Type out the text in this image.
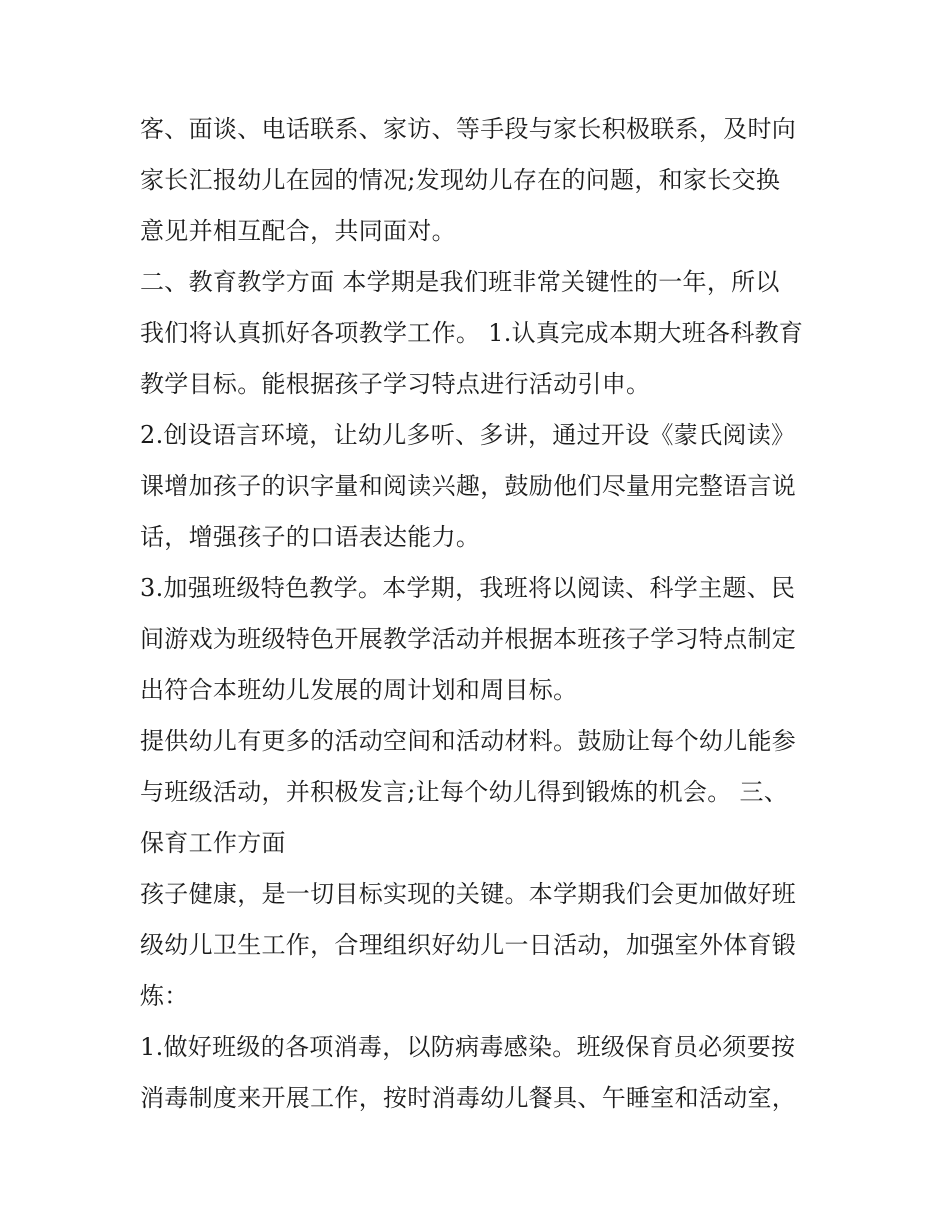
客、面谈、电话联系、家访、等手段与家长积极联系，及时向
家长汇报幼儿在园的情况;发现幼儿存在的问题，和家长交换
意见并相互配合，共同面对。
二、教育教学方面 本学期是我们班非常关键性的一年，所以
我们将认真抓好各项教学工作。 1.认真完成本期大班各科教育
教学目标。能根据孩子学习特点进行活动引申。
2.创设语言环境，让幼儿多听、多讲，通过开设《蒙氏阅读》
课增加孩子的识字量和阅读兴趣，鼓励他们尽量用完整语言说
话，增强孩子的口语表达能力。
3.加强班级特色教学。本学期，我班将以阅读、科学主题、民
间游戏为班级特色开展教学活动并根据本班孩子学习特点制定
出符合本班幼儿发展的周计划和周目标。
提供幼儿有更多的活动空间和活动材料。鼓励让每个幼儿能参
与班级活动，并积极发言;让每个幼儿得到锻炼的机会。 三、
保育工作方面
孩子健康，是一切目标实现的关键。本学期我们会更加做好班
级幼儿卫生工作，合理组织好幼儿一日活动，加强室外体育锻
炼：
1.做好班级的各项消毒，以防病毒感染。班级保育员必须要按
消毒制度来开展工作，按时消毒幼儿餐具、午睡室和活动室，
